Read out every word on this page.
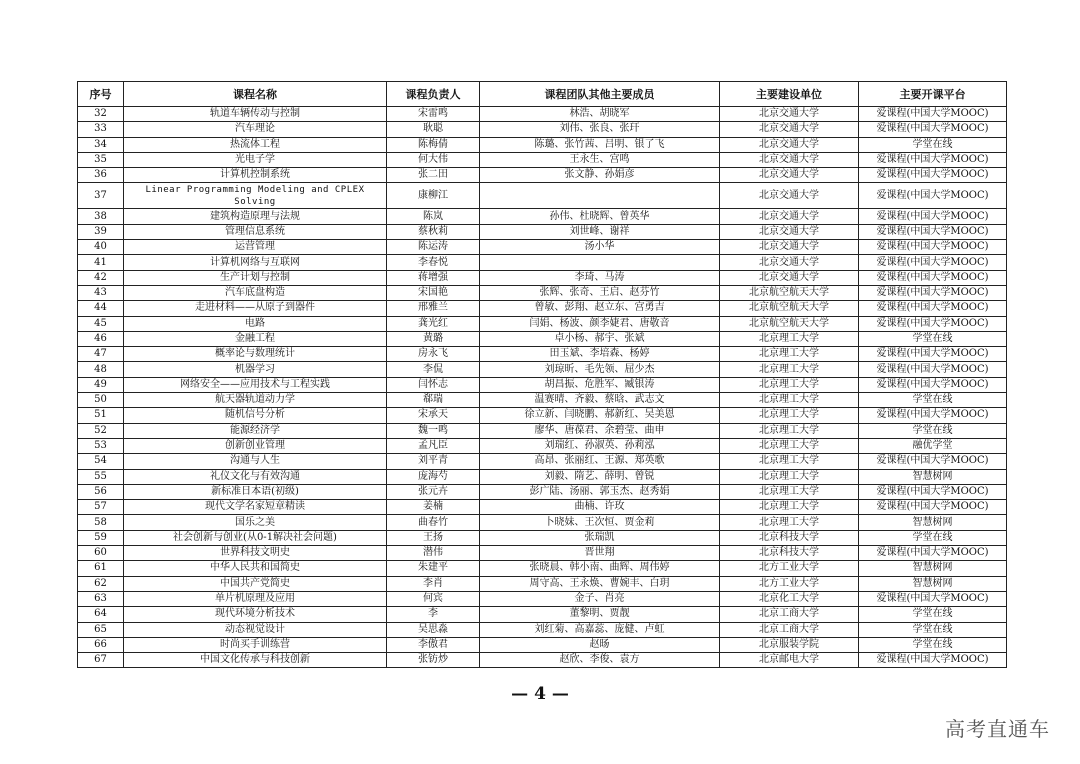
序号	课程名称	课程负责人	课程团队其他主要成员	主要建设单位	主要开课平台
32	轨道车辆传动与控制	宋雷鸣	林浩、胡晓军	北京交通大学	爱课程(中国大学MOOC)
33	汽车理论	耿聪	刘伟、张良、张玕	北京交通大学	爱课程(中国大学MOOC)
34	热流体工程	陈梅倩	陈璐、张竹茜、吕明、银了飞	北京交通大学	学堂在线
35	光电子学	何大伟	王永生、宫鸣	北京交通大学	爱课程(中国大学MOOC)
36	计算机控制系统	张二田	张文静、孙娟彦	北京交通大学	爱课程(中国大学MOOC)
37	Linear Programming Modeling and CPLEX Solving	康柳江		北京交通大学	爱课程(中国大学MOOC)
38	建筑构造原理与法规	陈岚	孙伟、杜晓辉、曾英华	北京交通大学	爱课程(中国大学MOOC)
39	管理信息系统	蔡秋莉	刘世峰、谢祥	北京交通大学	爱课程(中国大学MOOC)
40	运营管理	陈运涛	汤小华	北京交通大学	爱课程(中国大学MOOC)
41	计算机网络与互联网	李春悦		北京交通大学	爱课程(中国大学MOOC)
42	生产计划与控制	蒋增强	李琦、马涛	北京交通大学	爱课程(中国大学MOOC)
43	汽车底盘构造	宋国艳	张辉、张奇、王启、赵芬竹	北京航空航天大学	爱课程(中国大学MOOC)
44	走进材料——从原子到器件	邢雅兰	曾敏、彭翔、赵立东、宫勇吉	北京航空航天大学	爱课程(中国大学MOOC)
45	电路	龚光红	闫娟、杨波、颜李婕君、唐敬音	北京航空航天大学	爱课程(中国大学MOOC)
46	金融工程	黄璐	卓小杨、郝宇、张斌	北京理工大学	学堂在线
47	概率论与数理统计	房永飞	田玉斌、李培森、杨婷	北京理工大学	爱课程(中国大学MOOC)
48	机器学习	李侃	刘琼昕、毛先领、屈少杰	北京理工大学	爱课程(中国大学MOOC)
49	网络安全——应用技术与工程实践	闫怀志	胡昌振、危胜军、臧银涛	北京理工大学	爱课程(中国大学MOOC)
50	航天器轨道动力学	郗瑞	温赛晴、齐毅、蔡晗、武志文	北京理工大学	学堂在线
51	随机信号分析	宋承天	徐立新、闫晓鹏、郝新红、吴美恩	北京理工大学	爱课程(中国大学MOOC)
52	能源经济学	魏一鸣	廖华、唐葆君、余碧莹、曲申	北京理工大学	学堂在线
53	创新创业管理	孟凡臣	刘瑞红、孙淑英、孙莉泓	北京理工大学	融优学堂
54	沟通与人生	刘平青	高昂、张丽红、王源、郑英歌	北京理工大学	爱课程(中国大学MOOC)
55	礼仪文化与有效沟通	庞海芍	刘毅、隋艺、薛明、曾锐	北京理工大学	智慧树网
56	新标准日本语(初级)	张元卉	彭广陆、汤丽、郭玉杰、赵秀娟	北京理工大学	爱课程(中国大学MOOC)
57	现代文学名家短章精读	姜楠	曲楠、许玫	北京理工大学	爱课程(中国大学MOOC)
58	国乐之美	曲春竹	卜晓妹、王次恒、贾金莉	北京理工大学	智慧树网
59	社会创新与创业(从0-1解决社会问题)	王扬	张瑞凯	北京科技大学	学堂在线
60	世界科技文明史	潜伟	晋世翔	北京科技大学	爱课程(中国大学MOOC)
61	中华人民共和国简史	朱建平	张晓晨、韩小南、曲辉、周伟婷	北方工业大学	智慧树网
62	中国共产党简史	李肖	周守高、王永焕、曹婉丰、白玥	北方工业大学	智慧树网
63	单片机原理及应用	何宾	金子、肖亮	北京化工大学	爱课程(中国大学MOOC)
64	现代环境分析技术	李	董黎明、贾靓	北京工商大学	学堂在线
65	动态视觉设计	吴思淼	刘红菊、高嘉蕊、庞健、卢虹	北京工商大学	学堂在线
66	时尚买手训练营	李傲君	赵旸	北京服装学院	学堂在线
67	中国文化传承与科技创新	张钫炒	赵欣、李俊、袁方	北京邮电大学	爱课程(中国大学MOOC)
— 4 —
高考直通车
